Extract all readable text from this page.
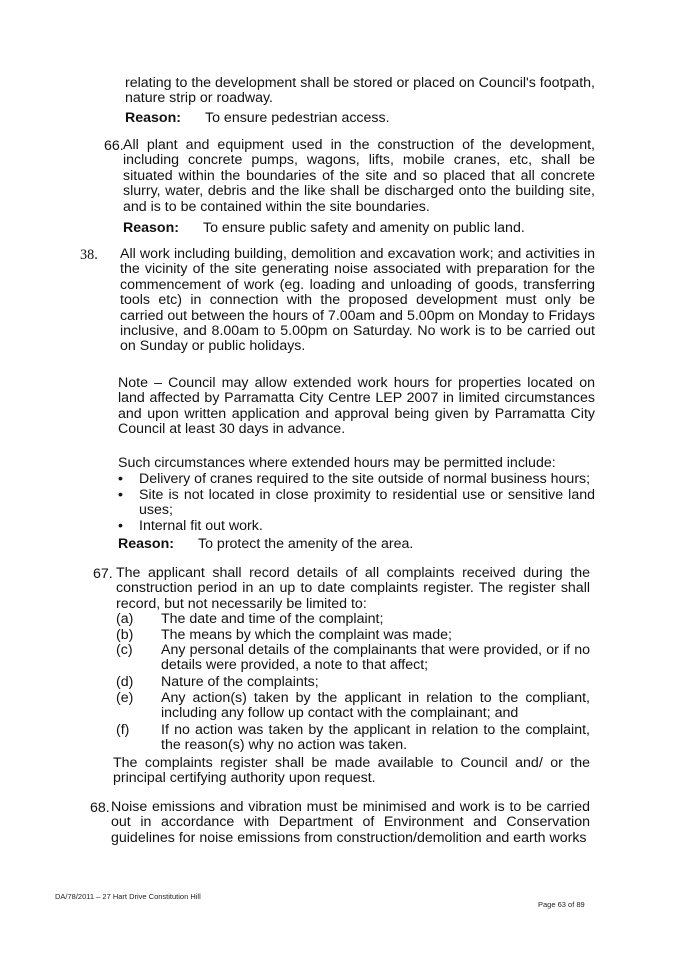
relating to the development shall be stored or placed on Council's footpath, nature strip or roadway.
Reason: To ensure pedestrian access.
66. All plant and equipment used in the construction of the development, including concrete pumps, wagons, lifts, mobile cranes, etc, shall be situated within the boundaries of the site and so placed that all concrete slurry, water, debris and the like shall be discharged onto the building site, and is to be contained within the site boundaries.
Reason: To ensure public safety and amenity on public land.
38. All work including building, demolition and excavation work; and activities in the vicinity of the site generating noise associated with preparation for the commencement of work (eg. loading and unloading of goods, transferring tools etc) in connection with the proposed development must only be carried out between the hours of 7.00am and 5.00pm on Monday to Fridays inclusive, and 8.00am to 5.00pm on Saturday. No work is to be carried out on Sunday or public holidays.
Note – Council may allow extended work hours for properties located on land affected by Parramatta City Centre LEP 2007 in limited circumstances and upon written application and approval being given by Parramatta City Council at least 30 days in advance.
Such circumstances where extended hours may be permitted include:
• Delivery of cranes required to the site outside of normal business hours;
• Site is not located in close proximity to residential use or sensitive land uses;
• Internal fit out work.
Reason: To protect the amenity of the area.
67. The applicant shall record details of all complaints received during the construction period in an up to date complaints register. The register shall record, but not necessarily be limited to:
(a) The date and time of the complaint;
(b) The means by which the complaint was made;
(c) Any personal details of the complainants that were provided, or if no details were provided, a note to that affect;
(d) Nature of the complaints;
(e) Any action(s) taken by the applicant in relation to the compliant, including any follow up contact with the complainant; and
(f) If no action was taken by the applicant in relation to the complaint, the reason(s) why no action was taken.
The complaints register shall be made available to Council and/ or the principal certifying authority upon request.
68. Noise emissions and vibration must be minimised and work is to be carried out in accordance with Department of Environment and Conservation guidelines for noise emissions from construction/demolition and earth works
DA/78/2011 – 27 Hart Drive Constitution Hill
Page 63 of 89
